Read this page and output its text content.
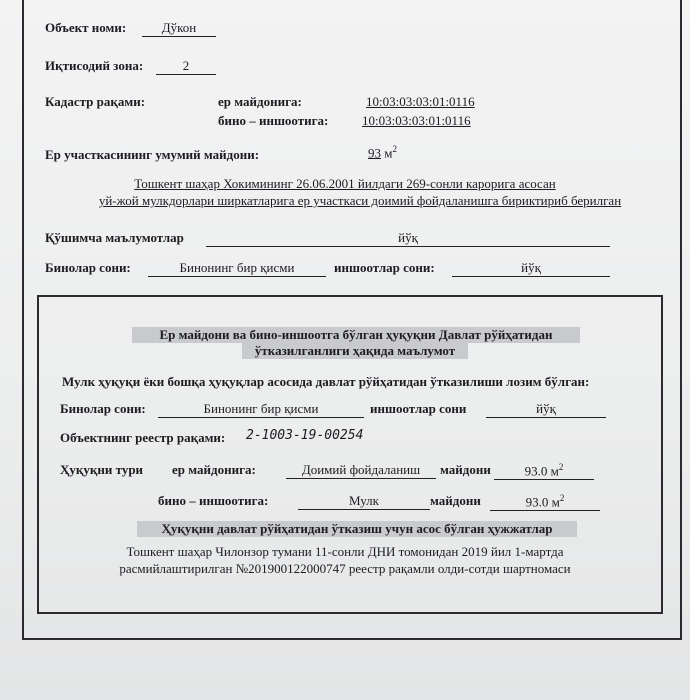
Объект номи:	Дўкон
Иқтисодий зона:	2
Кадастр рақами:	ер майдонига:	10:03:03:03:01:0116
бино – иншоотига:	10:03:03:03:01:0116
Ер участкасининг умумий майдони:	93 $м^2$
Тошкент шаҳар Хокимининг 26.06.2001 йилдаги 269-сонли карорига асосан
уй-жой мулкдорлари ширкатларига ер участкаси доимий фойдаланишга бириктириб берилган
Қўшимча маълумотлар	йўқ
Бинолар сони:	Бинонинг бир қисми	иншоотлар сони:	йўқ
Ер майдони ва бино-иншоотга бўлган ҳуқуқни Давлат рўйҳатидан
ўтказилганлиги ҳақида маълумот
Мулк ҳуқуқи ёки бошқа ҳуқуқлар асосида давлат рўйҳатидан ўтказилиши лозим бўлган:
Бинолар сони:	Бинонинг бир қисми	иншоотлар сони	йўқ
Объектнинг реестр рақами: 2-1003-19-00254
Ҳуқуқни тури ер майдонига:	Доимий фойдаланиш	майдони	93.0 $м^2$
бино – иншоотига:	Мулк	майдони	93.0 $м^2$
Ҳуқуқни давлат рўйҳатидан ўтказиш учун асос бўлган ҳужжатлар
Тошкент шаҳар Чилонзор тумани 11-сонли ДНИ томонидан 2019 йил 1-мартда
расмийлаштирилган №201900122000747 реестр рақамли олди-сотди шартномаси
